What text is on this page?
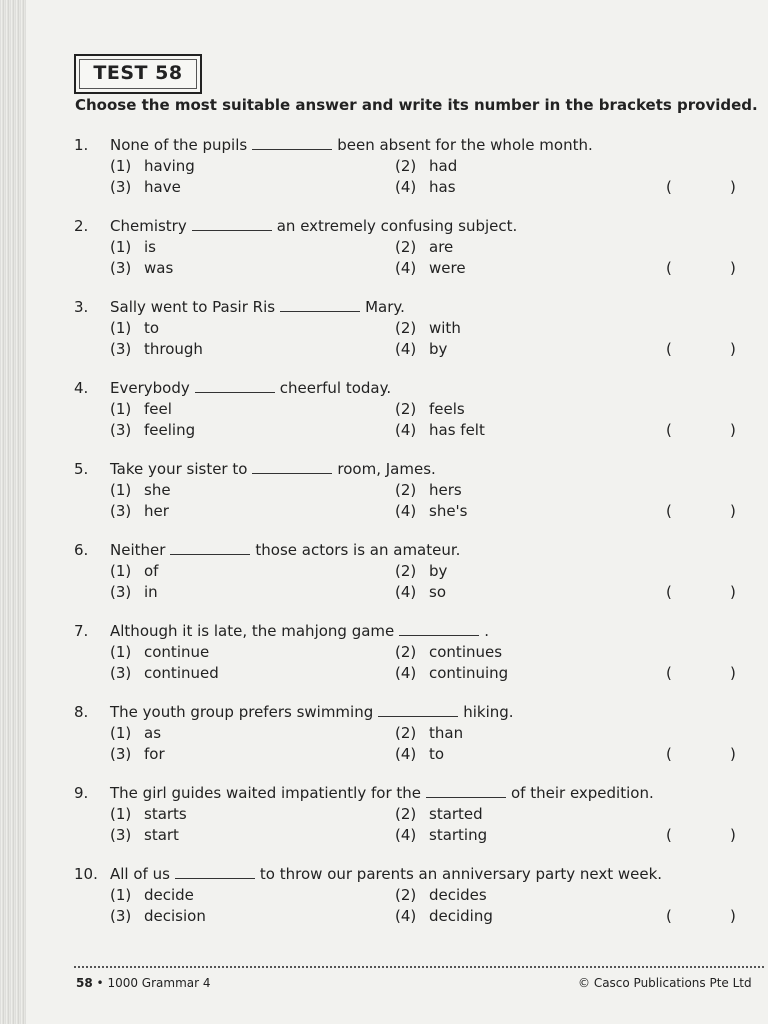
TEST 58
Choose the most suitable answer and write its number in the brackets provided.
1. None of the pupils	been absent for the whole month.
(1) having	(2) had
(3) have	(4) has	(	)
2. Chemistry	an extremely confusing subject.
(1) is	(2) are
(3) was	(4) were	(	)
3. Sally went to Pasir Ris	Mary.
(1) to	(2) with
(3) through	(4) by	(	)
4. Everybody	cheerful today.
(1) feel	(2) feels
(3) feeling	(4) has felt	(	)
5. Take your sister to	room, James.
(1) she	(2) hers
(3) her	(4) she's	(	)
6. Neither	those actors is an amateur.
(1) of	(2) by
(3) in	(4) so	(	)
7. Although it is late, the mahjong game	.
(1) continue	(2) continues
(3) continued	(4) continuing	(	)
8. The youth group prefers swimming	hiking.
(1) as	(2) than
(3) for	(4) to	(	)
9. The girl guides waited impatiently for the	of their expedition.
(1) starts	(2) started
(3) start	(4) starting	(	)
10. All of us	to throw our parents an anniversary party next week.
(1) decide	(2) decides
(3) decision	(4) deciding	(	)
58 • 1000 Grammar 4	© Casco Publications Pte Ltd
